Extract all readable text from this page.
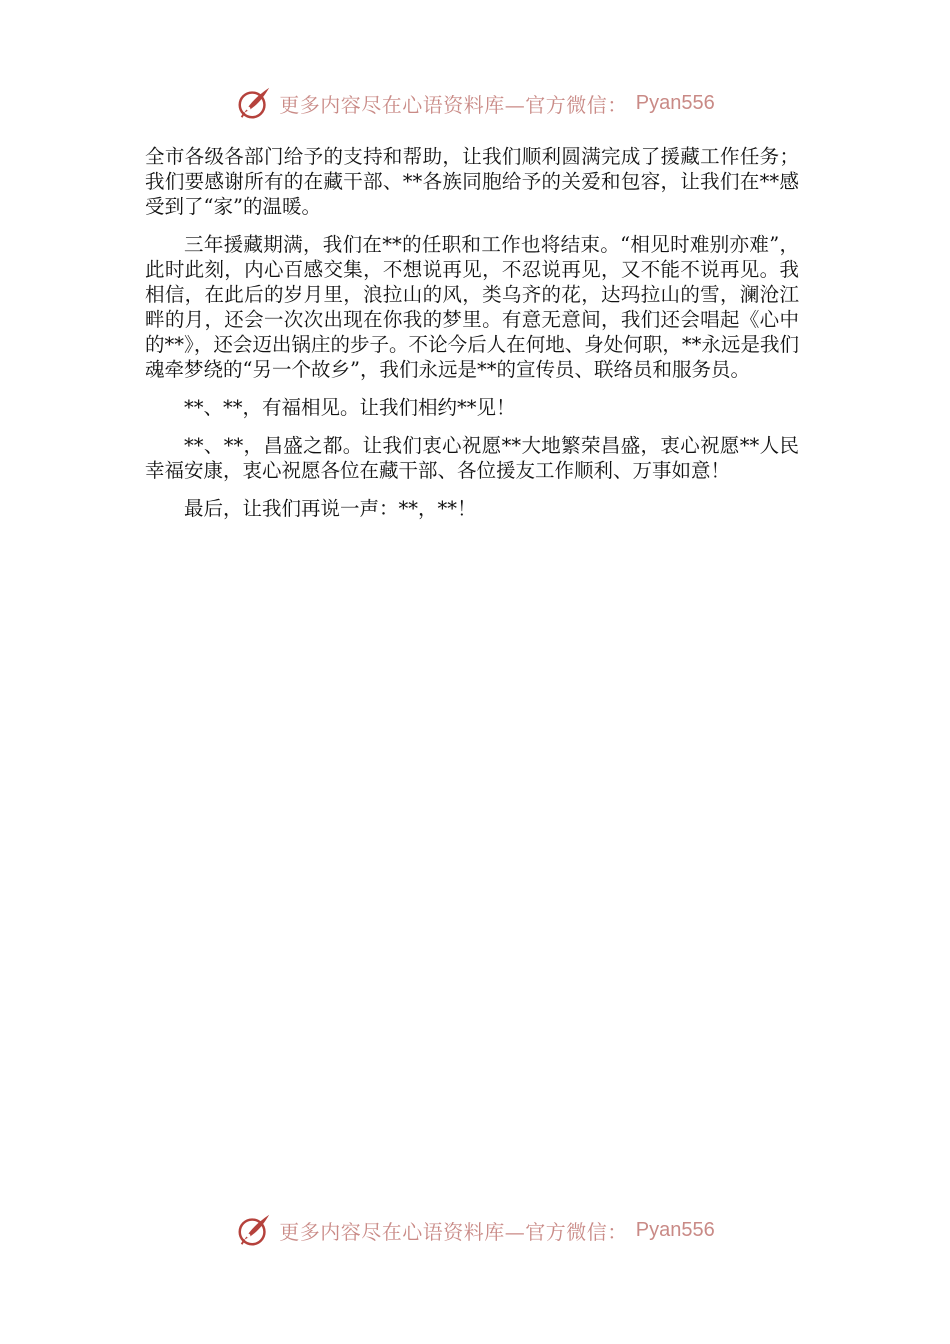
更多内容尽在心语资料库—官方微信： Pyan556

全市各级各部门给予的支持和帮助，让我们顺利圆满完成了援藏工作任务；我们要感谢所有的在藏干部、**各族同胞给予的关爱和包容，让我们在**感受到了“家”的温暖。

三年援藏期满，我们在**的任职和工作也将结束。“相见时难别亦难”，此时此刻，内心百感交集，不想说再见，不忍说再见，又不能不说再见。我相信，在此后的岁月里，浪拉山的风，类乌齐的花，达玛拉山的雪，澜沧江畔的月，还会一次次出现在你我的梦里。有意无意间，我们还会唱起《心中的**》，还会迈出锅庄的步子。不论今后人在何地、身处何职，**永远是我们魂牵梦绕的“另一个故乡”，我们永远是**的宣传员、联络员和服务员。

**、**，有福相见。让我们相约**见！

**、**，昌盛之都。让我们衷心祝愿**大地繁荣昌盛，衷心祝愿**人民幸福安康，衷心祝愿各位在藏干部、各位援友工作顺利、万事如意！

最后，让我们再说一声：**，**！

更多内容尽在心语资料库—官方微信： Pyan556
